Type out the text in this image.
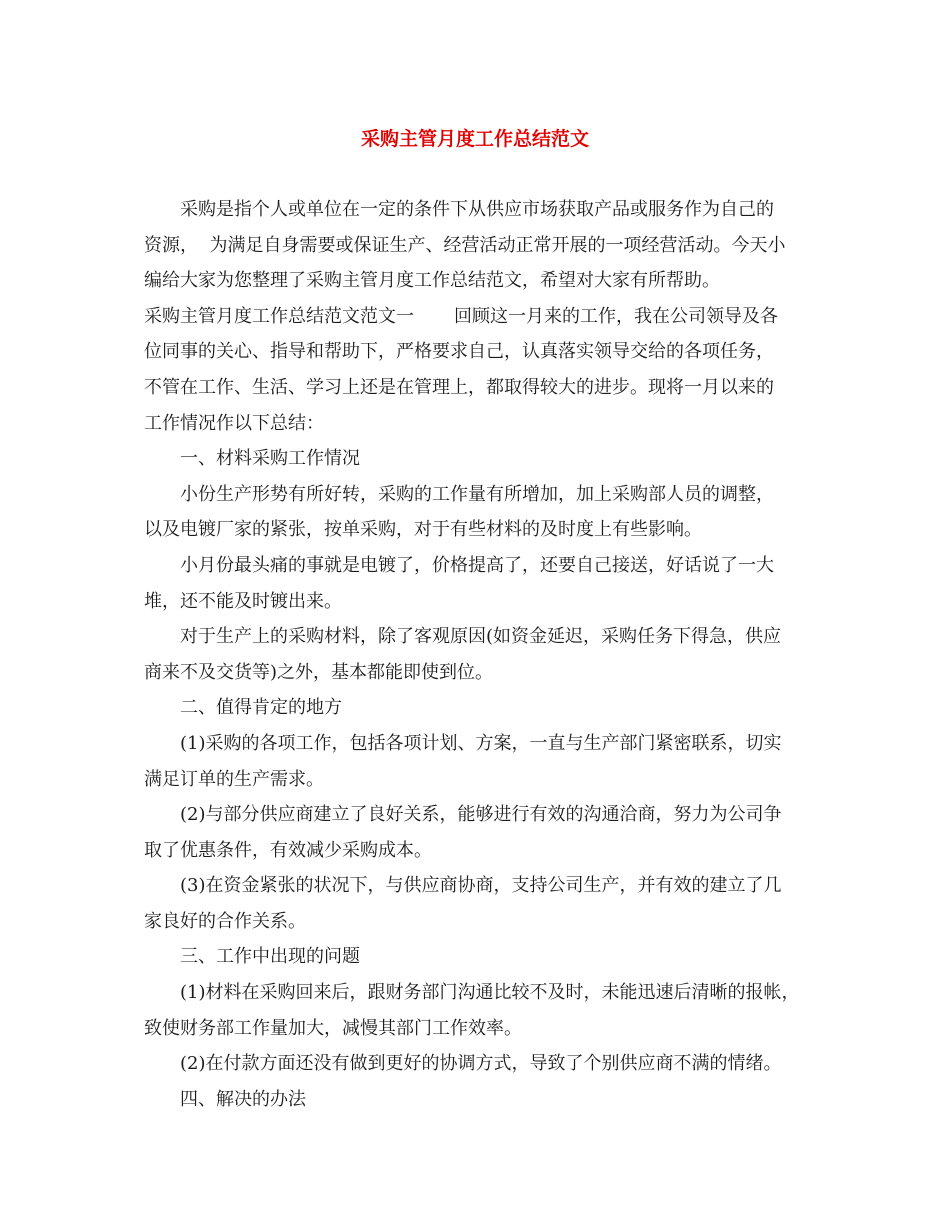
采购主管月度工作总结范文
采购是指个人或单位在一定的条件下从供应市场获取产品或服务作为自己的
资源，  为满足自身需要或保证生产、经营活动正常开展的一项经营活动。今天小
编给大家为您整理了采购主管月度工作总结范文，希望对大家有所帮助。
采购主管月度工作总结范文范文一       回顾这一月来的工作，我在公司领导及各
位同事的关心、指导和帮助下，严格要求自己，认真落实领导交给的各项任务，
不管在工作、生活、学习上还是在管理上，都取得较大的进步。现将一月以来的
工作情况作以下总结：
一、材料采购工作情况
小份生产形势有所好转，采购的工作量有所增加，加上采购部人员的调整，
以及电镀厂家的紧张，按单采购，对于有些材料的及时度上有些影响。
小月份最头痛的事就是电镀了，价格提高了，还要自己接送，好话说了一大
堆，还不能及时镀出来。
对于生产上的采购材料，除了客观原因(如资金延迟，采购任务下得急，供应
商来不及交货等)之外，基本都能即使到位。
二、值得肯定的地方
(1)采购的各项工作，包括各项计划、方案，一直与生产部门紧密联系，切实
满足订单的生产需求。
(2)与部分供应商建立了良好关系，能够进行有效的沟通洽商，努力为公司争
取了优惠条件，有效减少采购成本。
(3)在资金紧张的状况下，与供应商协商，支持公司生产，并有效的建立了几
家良好的合作关系。
三、工作中出现的问题
(1)材料在采购回来后，跟财务部门沟通比较不及时，未能迅速后清晰的报帐，
致使财务部工作量加大，减慢其部门工作效率。
(2)在付款方面还没有做到更好的协调方式，导致了个别供应商不满的情绪。
四、解决的办法
